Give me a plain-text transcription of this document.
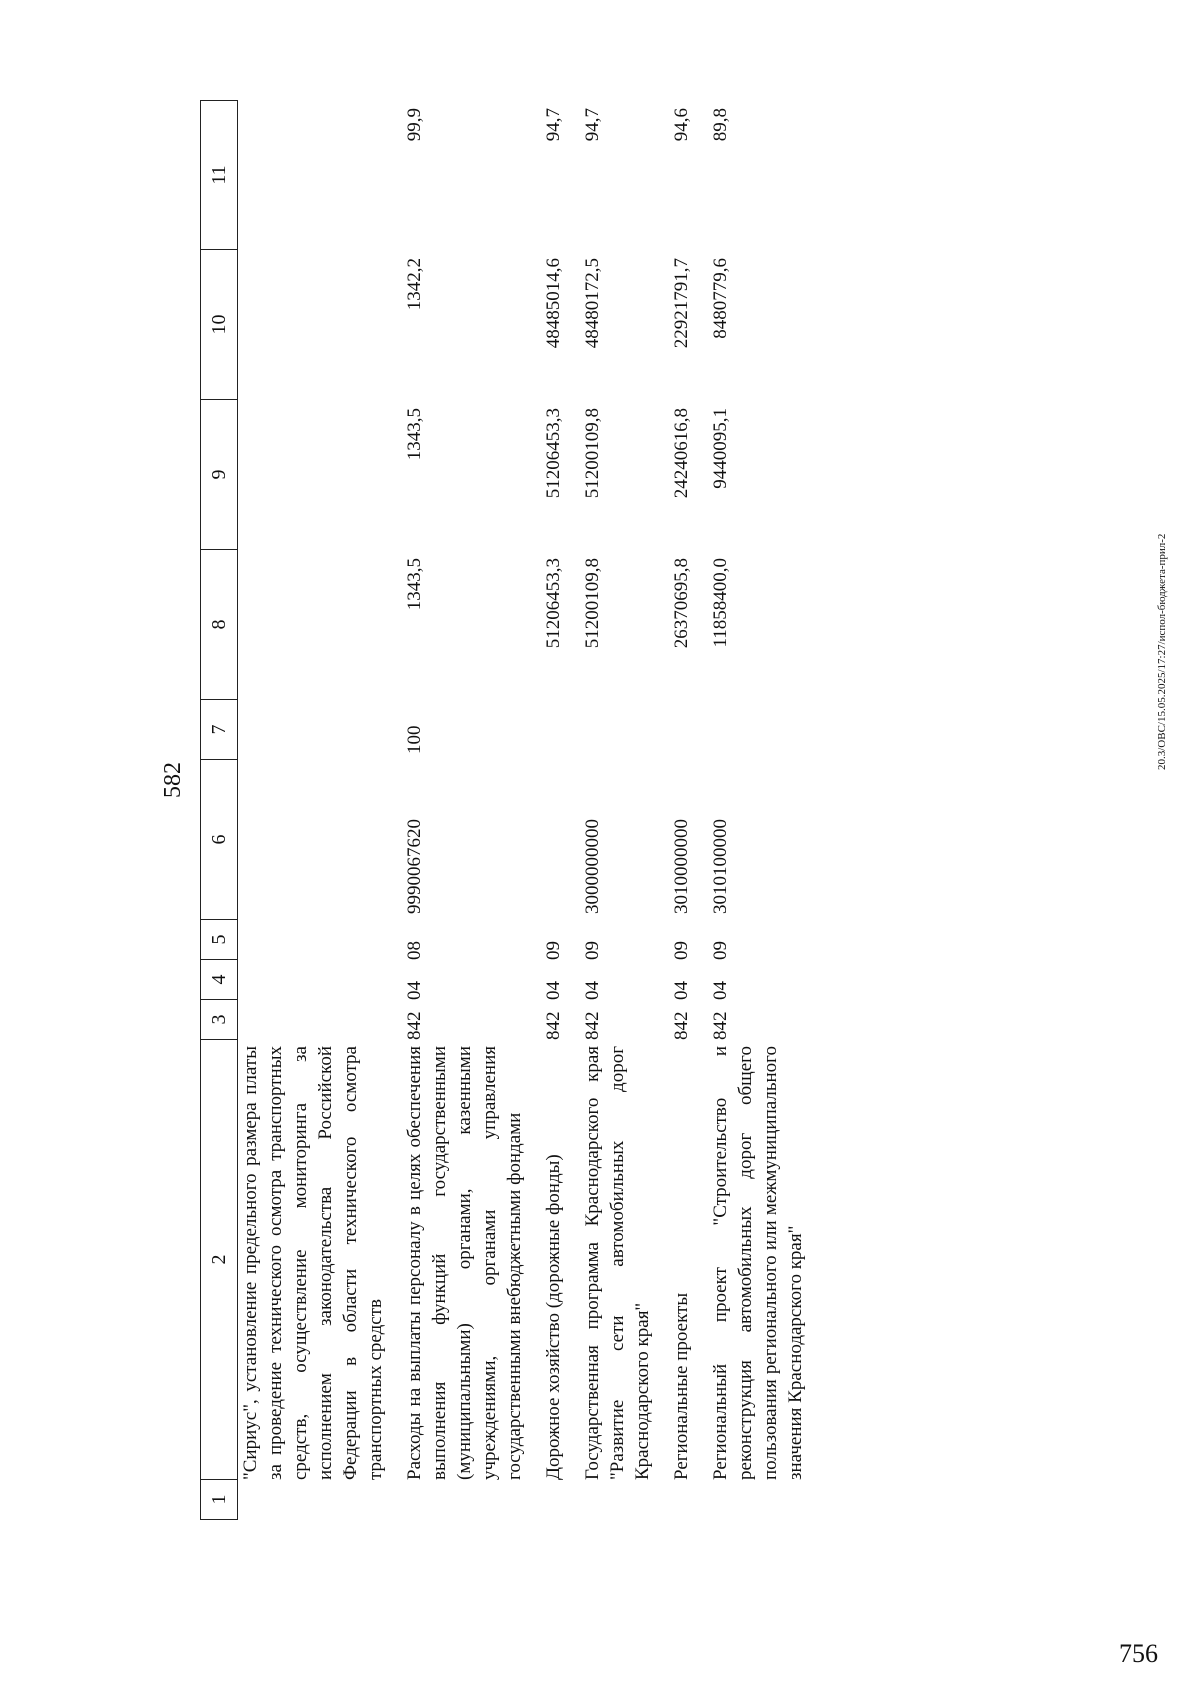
582
1
2
3
4
5
6
7
8
9
10
11
"Сириус", установление предельного размера платы за проведение технического осмотра транспортных средств, осуществление мониторинга за исполнением законодательства Российской Федерации в области технического осмотра транспортных средств Расходы на выплаты персоналу в целях обеспечения выполнения функций государственными (муниципальными) органами, казенными учреждениями, органами управления государственными внебюджетными фондами
842
04
08
9990067620
100
1343,5
1343,5
1342,2
99,9
Дорожное хозяйство (дорожные фонды)
842
04
09
51206453,3
51206453,3
48485014,6
94,7
Государственная программа Краснодарского края "Развитие сети автомобильных дорог Краснодарского края"
842
04
09
3000000000
51200109,8
51200109,8
48480172,5
94,7
Региональные проекты
842
04
09
3010000000
26370695,8
24240616,8
22921791,7
94,6
Региональный проект "Строительство и реконструкция автомобильных дорог общего пользования регионального или межмуниципального значения Краснодарского края"
842
04
09
3010100000
11858400,0
9440095,1
8480779,6
89,8
20.3/ОВС/15.05.2025/17:27/испол-бюджета-прил-2
756
